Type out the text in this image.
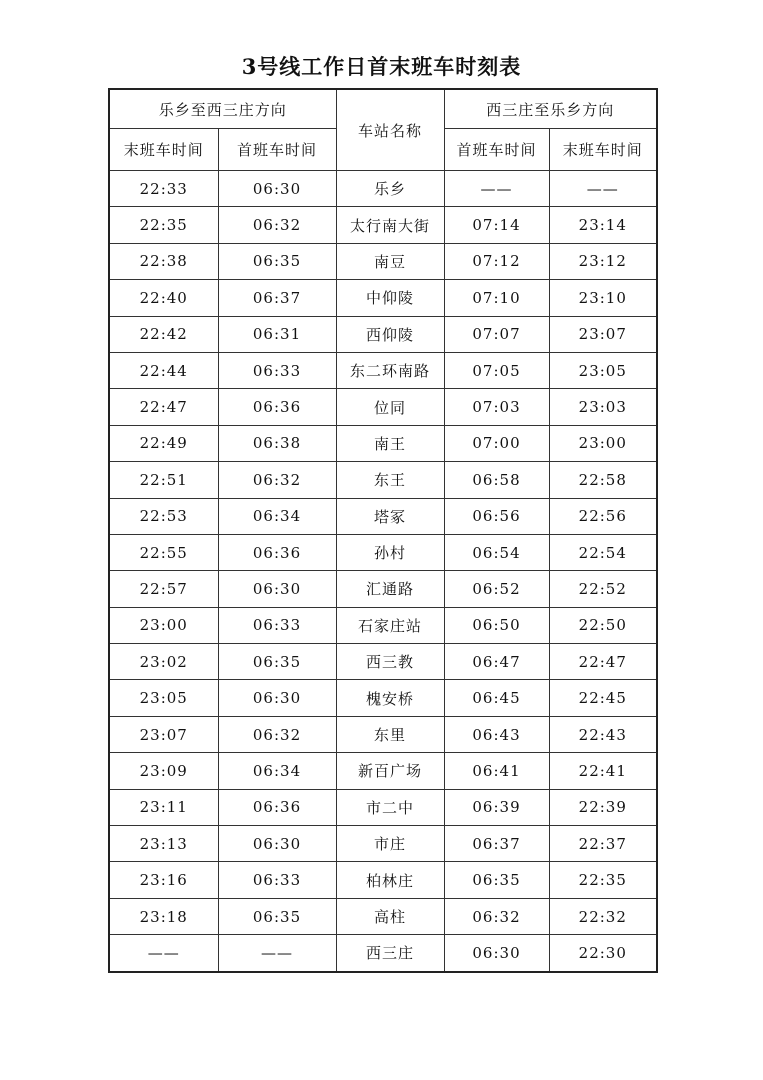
3号线工作日首末班车时刻表
乐乡至西三庄方向		车站名称	西三庄至乐乡方向	
末班车时间	首班车时间		首班车时间	末班车时间
22:33	06:30	乐乡	——	——
22:35	06:32	太行南大街	07:14	23:14
22:38	06:35	南豆	07:12	23:12
22:40	06:37	中仰陵	07:10	23:10
22:42	06:31	西仰陵	07:07	23:07
22:44	06:33	东二环南路	07:05	23:05
22:47	06:36	位同	07:03	23:03
22:49	06:38	南王	07:00	23:00
22:51	06:32	东王	06:58	22:58
22:53	06:34	塔冢	06:56	22:56
22:55	06:36	孙村	06:54	22:54
22:57	06:30	汇通路	06:52	22:52
23:00	06:33	石家庄站	06:50	22:50
23:02	06:35	西三教	06:47	22:47
23:05	06:30	槐安桥	06:45	22:45
23:07	06:32	东里	06:43	22:43
23:09	06:34	新百广场	06:41	22:41
23:11	06:36	市二中	06:39	22:39
23:13	06:30	市庄	06:37	22:37
23:16	06:33	柏林庄	06:35	22:35
23:18	06:35	高柱	06:32	22:32
——	——	西三庄	06:30	22:30
